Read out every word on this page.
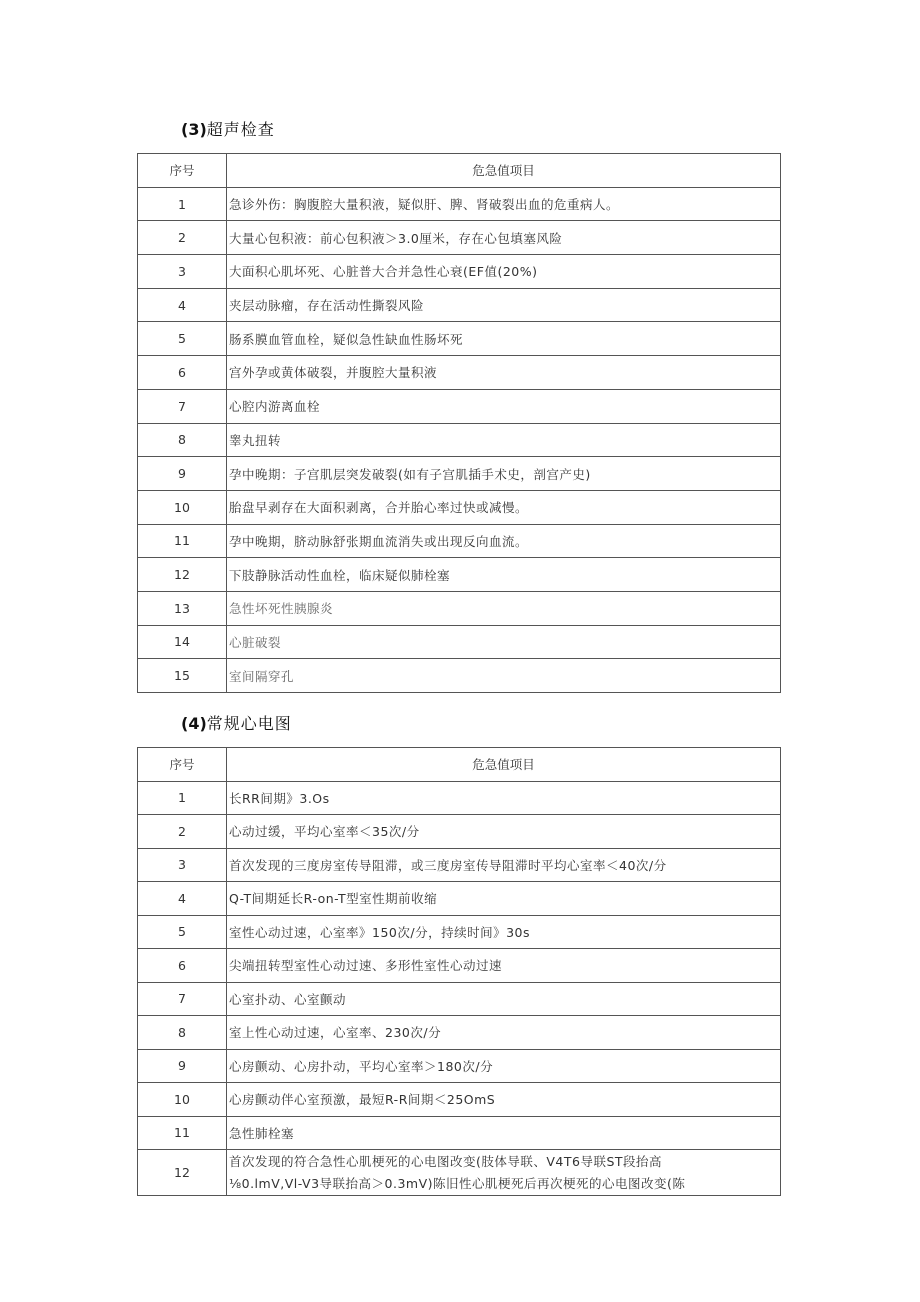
(3)超声检查
序号	危急值项目
1	急诊外伤：胸腹腔大量积液，疑似肝、脾、肾破裂出血的危重病人。
2	大量心包积液：前心包积液＞3.0厘米，存在心包填塞风险
3	大面积心肌坏死、心脏普大合并急性心衰(EF值(20%)
4	夹层动脉瘤，存在活动性撕裂风险
5	肠系膜血管血栓，疑似急性缺血性肠坏死
6	宫外孕或黄体破裂，并腹腔大量积液
7	心腔内游离血栓
8	睾丸扭转
9	孕中晚期：子宫肌层突发破裂(如有子宫肌插手术史，剖宫产史)
10	胎盘早剥存在大面积剥离，合并胎心率过快或减慢。
11	孕中晚期，脐动脉舒张期血流消失或出现反向血流。
12	下肢静脉活动性血栓，临床疑似肺栓塞
13	急性坏死性胰腺炎
14	心脏破裂
15	室间隔穿孔
(4)常规心电图
序号	危急值项目
1	长RR间期》3.Os
2	心动过缓，平均心室率＜35次/分
3	首次发现的三度房室传导阻滞，或三度房室传导阻滞时平均心室率＜40次/分
4	Q-T间期延长R-on-T型室性期前收缩
5	室性心动过速，心室率》150次/分，持续时间》30s
6	尖端扭转型室性心动过速、多形性室性心动过速
7	心室扑动、心室颤动
8	室上性心动过速，心室率、230次/分
9	心房颤动、心房扑动，平均心室率＞180次/分
10	心房颤动伴心室预激，最短R-R间期＜25OmS
11	急性肺栓塞
12	首次发现的符合急性心肌梗死的心电图改变(肢体导联、V4T6导联ST段抬高
⅛0.lmV,Vl-V3导联抬高＞0.3mV)陈旧性心肌梗死后再次梗死的心电图改变(陈
